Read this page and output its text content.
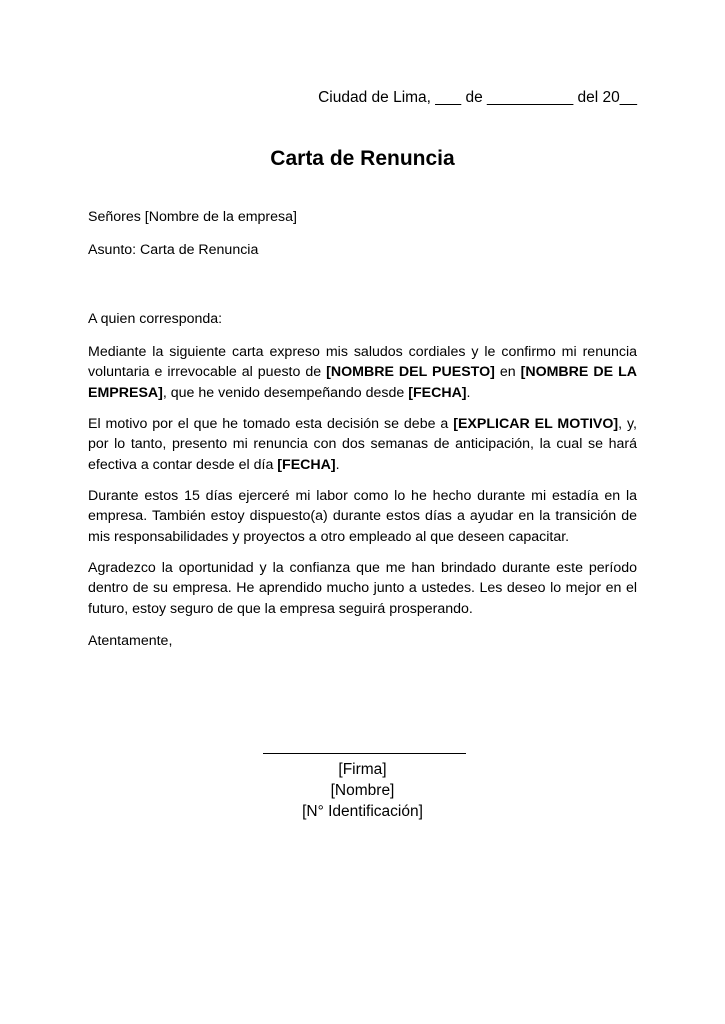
Ciudad de Lima, ___ de __________ del 20__
Carta de Renuncia

Señores [Nombre de la empresa]

Asunto: Carta de Renuncia

A quien corresponda:

Mediante la siguiente carta expreso mis saludos cordiales y le confirmo mi renuncia voluntaria e irrevocable al puesto de [NOMBRE DEL PUESTO] en [NOMBRE DE LA EMPRESA], que he venido desempeñando desde [FECHA].

El motivo por el que he tomado esta decisión se debe a [EXPLICAR EL MOTIVO], y, por lo tanto, presento mi renuncia con dos semanas de anticipación, la cual se hará efectiva a contar desde el día [FECHA].

Durante estos 15 días ejerceré mi labor como lo he hecho durante mi estadía en la empresa. También estoy dispuesto(a) durante estos días a ayudar en la transición de mis responsabilidades y proyectos a otro empleado al que deseen capacitar.

Agradezco la oportunidad y la confianza que me han brindado durante este período dentro de su empresa. He aprendido mucho junto a ustedes. Les deseo lo mejor en el futuro, estoy seguro de que la empresa seguirá prosperando.

Atentamente,

[Firma]
[Nombre]
[N° Identificación]
